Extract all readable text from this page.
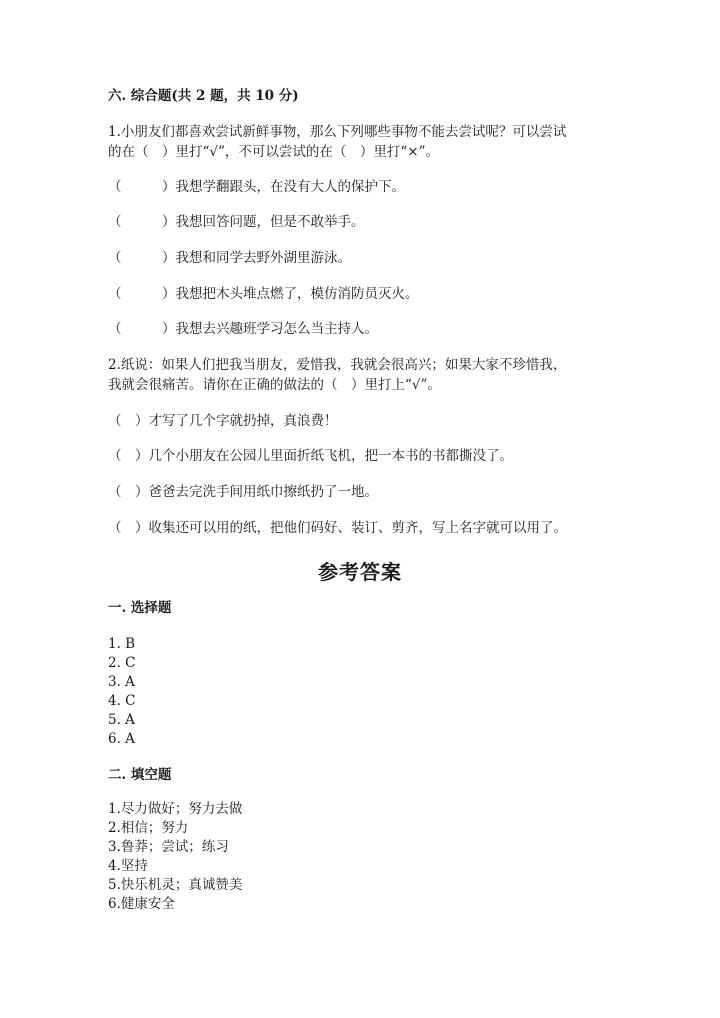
六. 综合题(共 2 题，共 10 分)
1.小朋友们都喜欢尝试新鲜事物，那么下列哪些事物不能去尝试呢？可以尝试
的在（　）里打“√”，不可以尝试的在（　）里打“×”。
（　　　）我想学翻跟头，在没有大人的保护下。
（　　　）我想回答问题，但是不敢举手。
（　　　）我想和同学去野外湖里游泳。
（　　　）我想把木头堆点燃了，模仿消防员灭火。
（　　　）我想去兴趣班学习怎么当主持人。
2.纸说：如果人们把我当朋友，爱惜我，我就会很高兴；如果大家不珍惜我，
我就会很痛苦。请你在正确的做法的（　）里打上“√”。
（　）才写了几个字就扔掉，真浪费！
（　）几个小朋友在公园儿里面折纸飞机，把一本书的书都撕没了。
（　）爸爸去完洗手间用纸巾擦纸扔了一地。
（　）收集还可以用的纸，把他们码好、装订、剪齐，写上名字就可以用了。
参考答案
一. 选择题
1. B
2. C
3. A
4. C
5. A
6. A
二. 填空题
1.尽力做好；努力去做
2.相信；努力
3.鲁莽；尝试；练习
4.坚持
5.快乐机灵；真诚赞美
6.健康安全
